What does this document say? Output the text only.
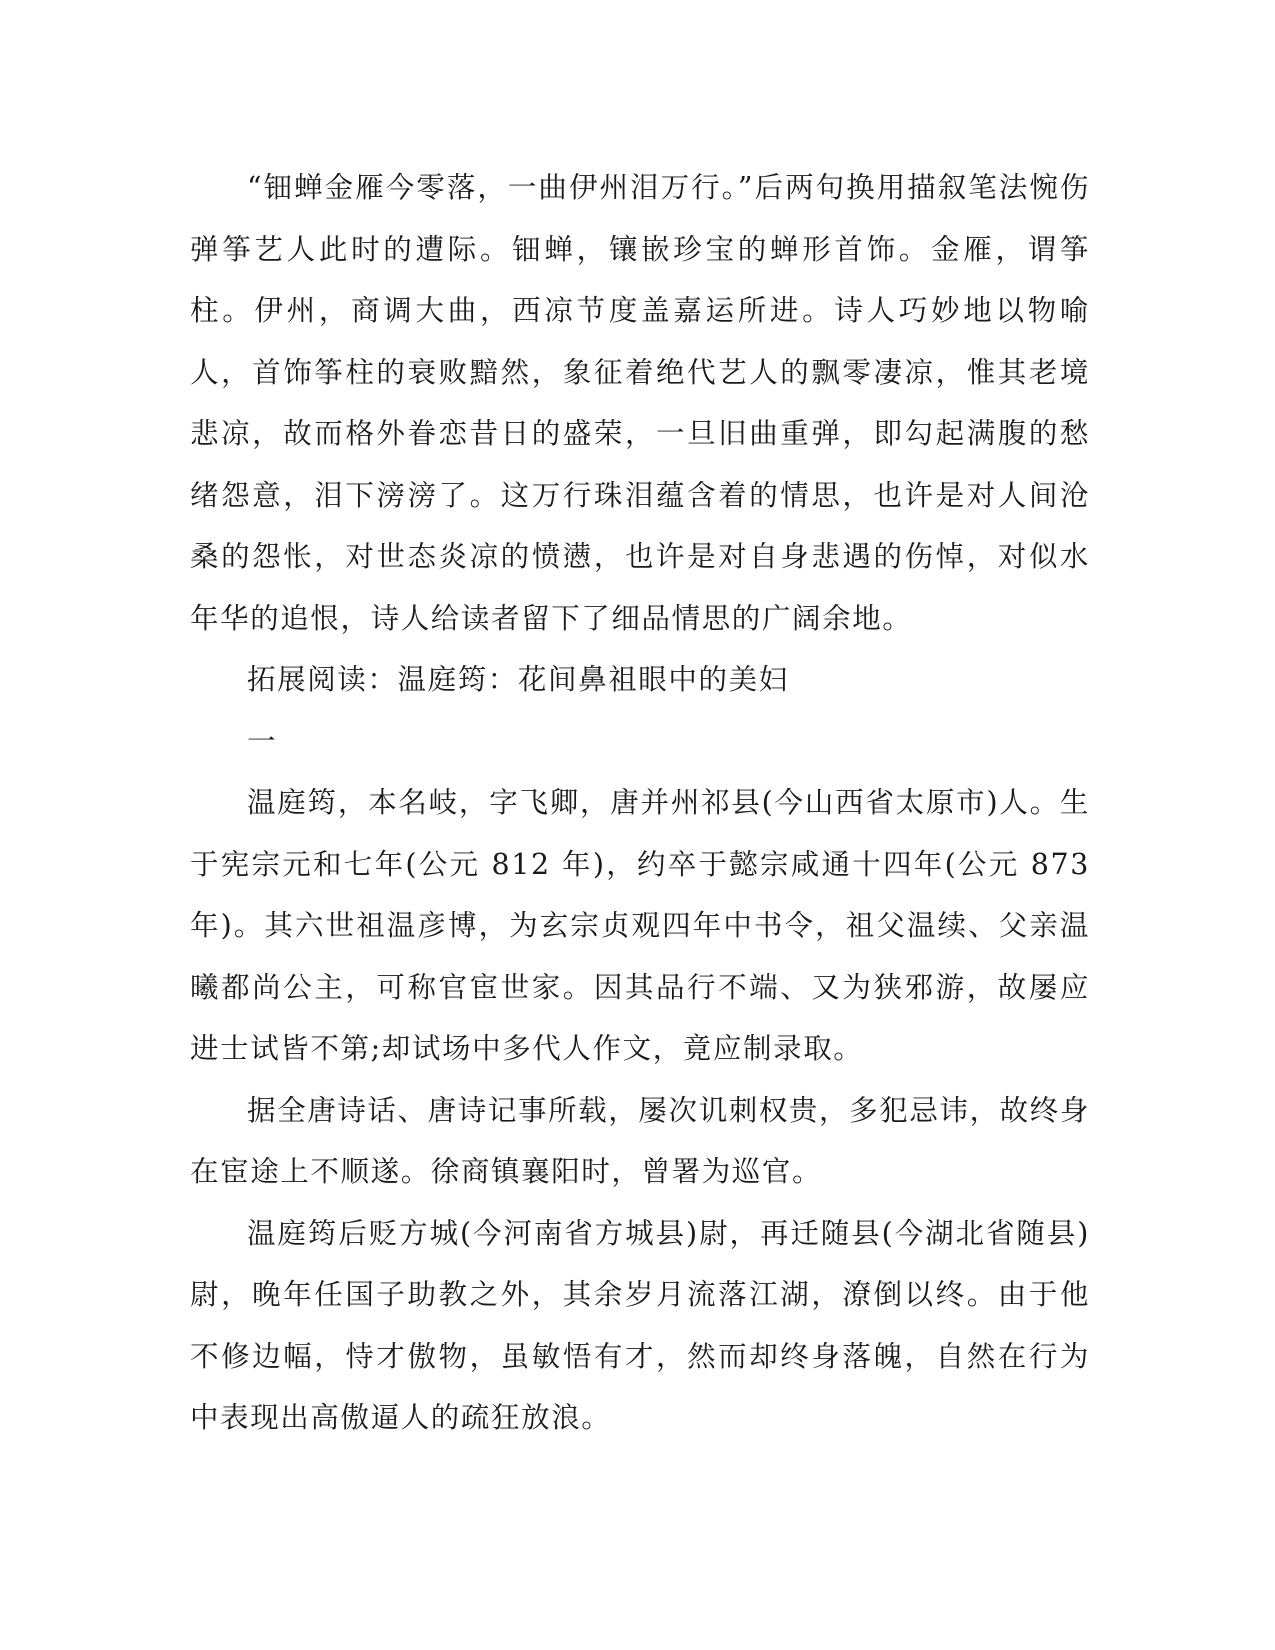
“钿蝉金雁今零落，一曲伊州泪万行。”后两句换用描叙笔法惋伤弹筝艺人此时的遭际。钿蝉，镶嵌珍宝的蝉形首饰。金雁，谓筝柱。伊州，商调大曲，西凉节度盖嘉运所进。诗人巧妙地以物喻人，首饰筝柱的衰败黯然，象征着绝代艺人的飘零凄凉，惟其老境悲凉，故而格外眷恋昔日的盛荣，一旦旧曲重弹，即勾起满腹的愁绪怨意，泪下滂滂了。这万行珠泪蕴含着的情思，也许是对人间沧桑的怨怅，对世态炎凉的愤懑，也许是对自身悲遇的伤悼，对似水年华的追恨，诗人给读者留下了细品情思的广阔余地。

拓展阅读：温庭筠：花间鼻祖眼中的美妇

一

温庭筠，本名岐，字飞卿，唐并州祁县(今山西省太原市)人。生于宪宗元和七年(公元 812 年)，约卒于懿宗咸通十四年(公元 873 年)。其六世祖温彦博，为玄宗贞观四年中书令，祖父温续、父亲温曦都尚公主，可称官宦世家。因其品行不端、又为狭邪游，故屡应进士试皆不第;却试场中多代人作文，竟应制录取。

据全唐诗话、唐诗记事所载，屡次讥刺权贵，多犯忌讳，故终身在宦途上不顺遂。徐商镇襄阳时，曾署为巡官。

温庭筠后贬方城(今河南省方城县)尉，再迁随县(今湖北省随县)尉，晚年任国子助教之外，其余岁月流落江湖，潦倒以终。由于他不修边幅，恃才傲物，虽敏悟有才，然而却终身落魄，自然在行为中表现出高傲逼人的疏狂放浪。
